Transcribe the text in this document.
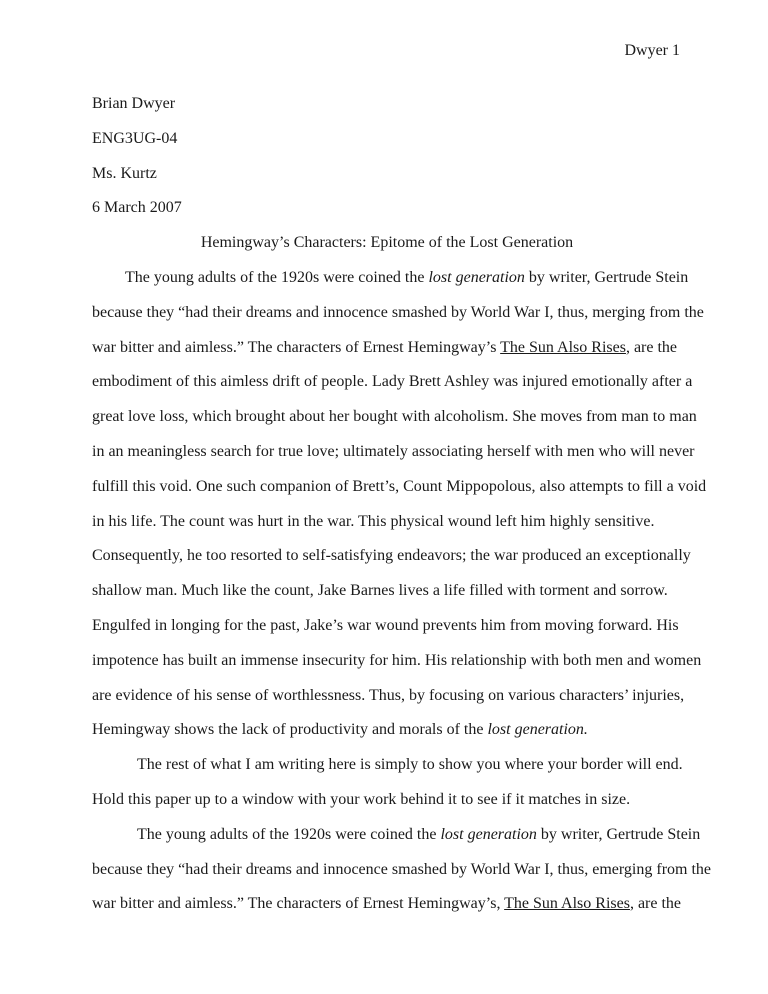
Dwyer 1
Brian Dwyer
ENG3UG-04
Ms. Kurtz
6 March 2007
Hemingway’s Characters: Epitome of the Lost Generation
The young adults of the 1920s were coined the lost generation by writer, Gertrude Stein
because they “had their dreams and innocence smashed by World War I, thus, merging from the
war bitter and aimless.” The characters of Ernest Hemingway’s The Sun Also Rises, are the
embodiment of this aimless drift of people. Lady Brett Ashley was injured emotionally after a
great love loss, which brought about her bought with alcoholism. She moves from man to man
in an meaningless search for true love; ultimately associating herself with men who will never
fulfill this void. One such companion of Brett’s, Count Mippopolous, also attempts to fill a void
in his life. The count was hurt in the war. This physical wound left him highly sensitive.
Consequently, he too resorted to self-satisfying endeavors; the war produced an exceptionally
shallow man. Much like the count, Jake Barnes lives a life filled with torment and sorrow.
Engulfed in longing for the past, Jake’s war wound prevents him from moving forward. His
impotence has built an immense insecurity for him. His relationship with both men and women
are evidence of his sense of worthlessness. Thus, by focusing on various characters’ injuries,
Hemingway shows the lack of productivity and morals of the lost generation.
The rest of what I am writing here is simply to show you where your border will end.
Hold this paper up to a window with your work behind it to see if it matches in size.
The young adults of the 1920s were coined the lost generation by writer, Gertrude Stein
because they “had their dreams and innocence smashed by World War I, thus, emerging from the
war bitter and aimless.” The characters of Ernest Hemingway’s, The Sun Also Rises, are the
